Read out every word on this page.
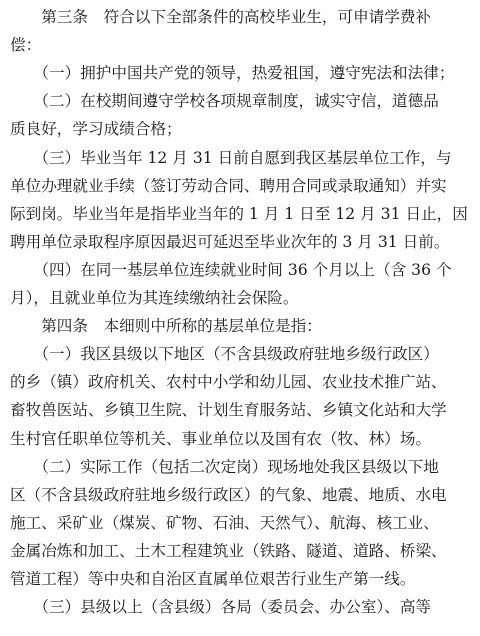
　　第三条　符合以下全部条件的高校毕业生，可申请学费补
偿：
　　（一）拥护中国共产党的领导，热爱祖国，遵守宪法和法律；
　　（二）在校期间遵守学校各项规章制度，诚实守信，道德品
质良好，学习成绩合格；
　　（三）毕业当年 12 月 31 日前自愿到我区基层单位工作，与
单位办理就业手续（签订劳动合同、聘用合同或录取通知）并实
际到岗。毕业当年是指毕业当年的 1 月 1 日至 12 月 31 日止，因
聘用单位录取程序原因最迟可延迟至毕业次年的 3 月 31 日前。
　　（四）在同一基层单位连续就业时间 36 个月以上（含 36 个
月），且就业单位为其连续缴纳社会保险。
　　第四条　本细则中所称的基层单位是指：
　　（一）我区县级以下地区（不含县级政府驻地乡级行政区）
的乡（镇）政府机关、农村中小学和幼儿园、农业技术推广站、
畜牧兽医站、乡镇卫生院、计划生育服务站、乡镇文化站和大学
生村官任职单位等机关、事业单位以及国有农（牧、林）场。
　　（二）实际工作（包括二次定岗）现场地处我区县级以下地
区（不含县级政府驻地乡级行政区）的气象、地震、地质、水电
施工、采矿业（煤炭、矿物、石油、天然气）、航海、核工业、
金属冶炼和加工、土木工程建筑业（铁路、隧道、道路、桥梁、
管道工程）等中央和自治区直属单位艰苦行业生产第一线。
　　（三）县级以上（含县级）各局（委员会、办公室）、高等
